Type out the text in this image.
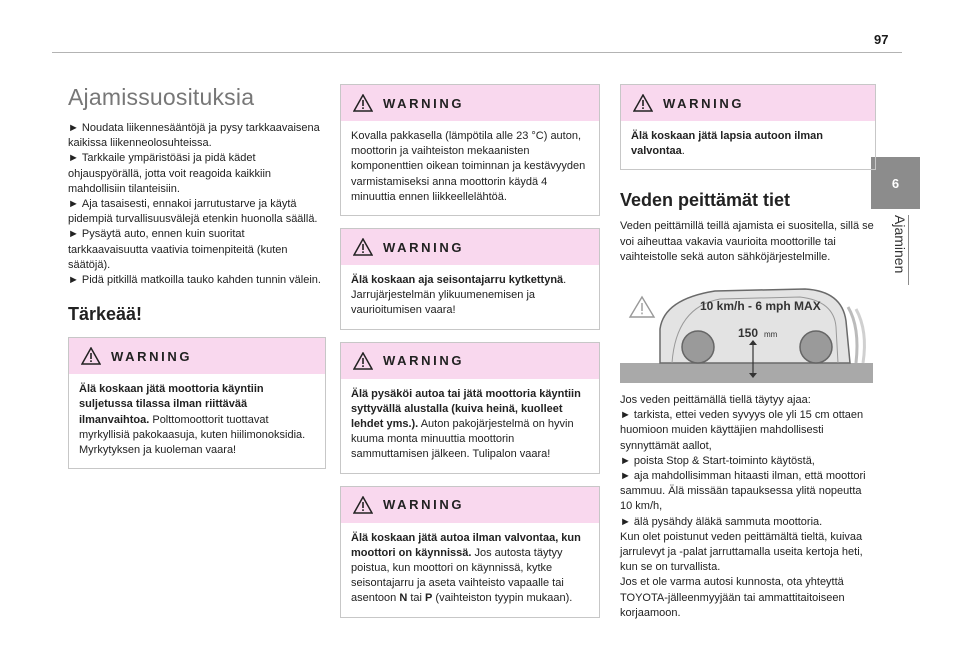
97
6
Ajaminen
Ajamissuosituksia
► Noudata liikennesääntöjä ja pysy tarkkaavaisena kaikissa liikenneolosuhteissa.
► Tarkkaile ympäristöäsi ja pidä kädet ohjauspyörällä, jotta voit reagoida kaikkiin mahdollisiin tilanteisiin.
► Aja tasaisesti, ennakoi jarrutustarve ja käytä pidempiä turvallisuusvälejä etenkin huonolla säällä.
► Pysäytä auto, ennen kuin suoritat tarkkaavaisuutta vaativia toimenpiteitä (kuten säätöjä).
► Pidä pitkillä matkoilla tauko kahden tunnin välein.
Tärkeää!
WARNING
Älä koskaan jätä moottoria käyntiin suljetussa tilassa ilman riittävää ilmanvaihtoa. Polttomoottorit tuottavat myrkyllisiä pakokaasuja, kuten hiilimonoksidia. Myrkytyksen ja kuoleman vaara!
WARNING
Kovalla pakkasella (lämpötila alle 23 °C) auton, moottorin ja vaihteiston mekaanisten komponenttien oikean toiminnan ja kestävyyden varmistamiseksi anna moottorin käydä 4 minuuttia ennen liikkeellelähtöä.
WARNING
Älä koskaan aja seisontajarru kytkettynä. Jarrujärjestelmän ylikuumenemisen ja vaurioitumisen vaara!
WARNING
Älä pysäköi autoa tai jätä moottoria käyntiin syttyvällä alustalla (kuiva heinä, kuolleet lehdet yms.). Auton pakojärjestelmä on hyvin kuuma monta minuuttia moottorin sammuttamisen jälkeen. Tulipalon vaara!
WARNING
Älä koskaan jätä autoa ilman valvontaa, kun moottori on käynnissä. Jos autosta täytyy poistua, kun moottori on käynnissä, kytke seisontajarru ja aseta vaihteisto vapaalle tai asentoon N tai P (vaihteiston tyypin mukaan).
WARNING
Älä koskaan jätä lapsia autoon ilman valvontaa.
Veden peittämät tiet
Veden peittämillä teillä ajamista ei suositella, sillä se voi aiheuttaa vakavia vaurioita moottorille tai vaihteistolle sekä auton sähköjärjestelmille.
10 km/h - 6 mph MAX
150 mm
Jos veden peittämällä tiellä täytyy ajaa:
► tarkista, ettei veden syvyys ole yli 15 cm ottaen huomioon muiden käyttäjien mahdollisesti synnyttämät aallot,
► poista Stop & Start-toiminto käytöstä,
► aja mahdollisimman hitaasti ilman, että moottori sammuu. Älä missään tapauksessa ylitä nopeutta 10 km/h,
► älä pysähdy äläkä sammuta moottoria.
Kun olet poistunut veden peittämältä tieltä, kuivaa jarrulevyt ja -palat jarruttamalla useita kertoja heti, kun se on turvallista.
Jos et ole varma autosi kunnosta, ota yhteyttä TOYOTA-jälleenmyyjään tai ammattitaitoiseen korjaamoon.
